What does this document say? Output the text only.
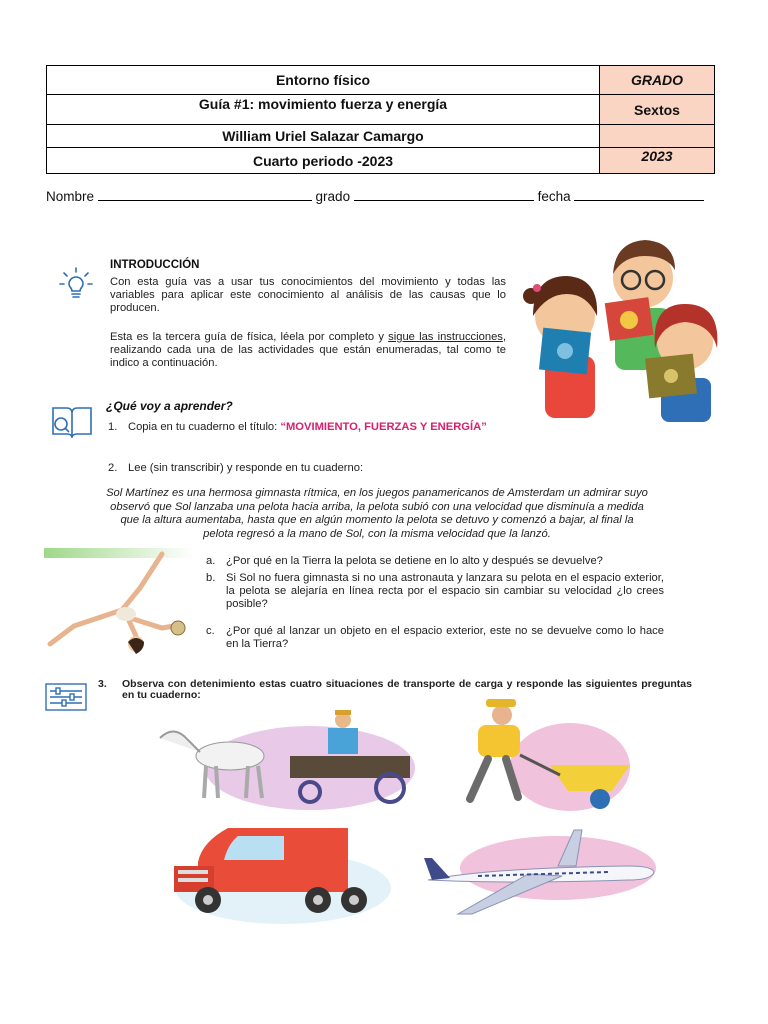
Entorno físico	GRADO
Guía #1: movimiento fuerza y energía	Sextos
William Uriel Salazar Camargo
Cuarto periodo -2023	2023
Nombre	grado	fecha
INTRODUCCIÓN
Con esta guía vas a usar tus conocimientos del movimiento y todas las variables para aplicar este conocimiento al análisis de las causas que lo producen.
Esta es la tercera guía de física, léela por completo y sigue las instrucciones, realizando cada una de las actividades que están enumeradas, tal como te indico a continuación.
¿Qué voy a aprender?
1. Copia en tu cuaderno el título: “MOVIMIENTO, FUERZAS Y ENERGÍA”
2. Lee (sin transcribir) y responde en tu cuaderno:
Sol Martínez es una hermosa gimnasta rítmica, en los juegos panamericanos de Amsterdam un admirar suyo observó que Sol lanzaba una pelota hacia arriba, la pelota subió con una velocidad que disminuía a medida que la altura aumentaba, hasta que en algún momento la pelota se detuvo y comenzó a bajar, al final la pelota regresó a la mano de Sol, con la misma velocidad que la lanzó.
a. ¿Por qué en la Tierra la pelota se detiene en lo alto y después se devuelve?
b. Si Sol no fuera gimnasta si no una astronauta y lanzara su pelota en el espacio exterior, la pelota se alejaría en línea recta por el espacio sin cambiar su velocidad ¿lo crees posible?
c. ¿Por qué al lanzar un objeto en el espacio exterior, este no se devuelve como lo hace en la Tierra?
3. Observa con detenimiento estas cuatro situaciones de transporte de carga y responde las siguientes preguntas en tu cuaderno:
